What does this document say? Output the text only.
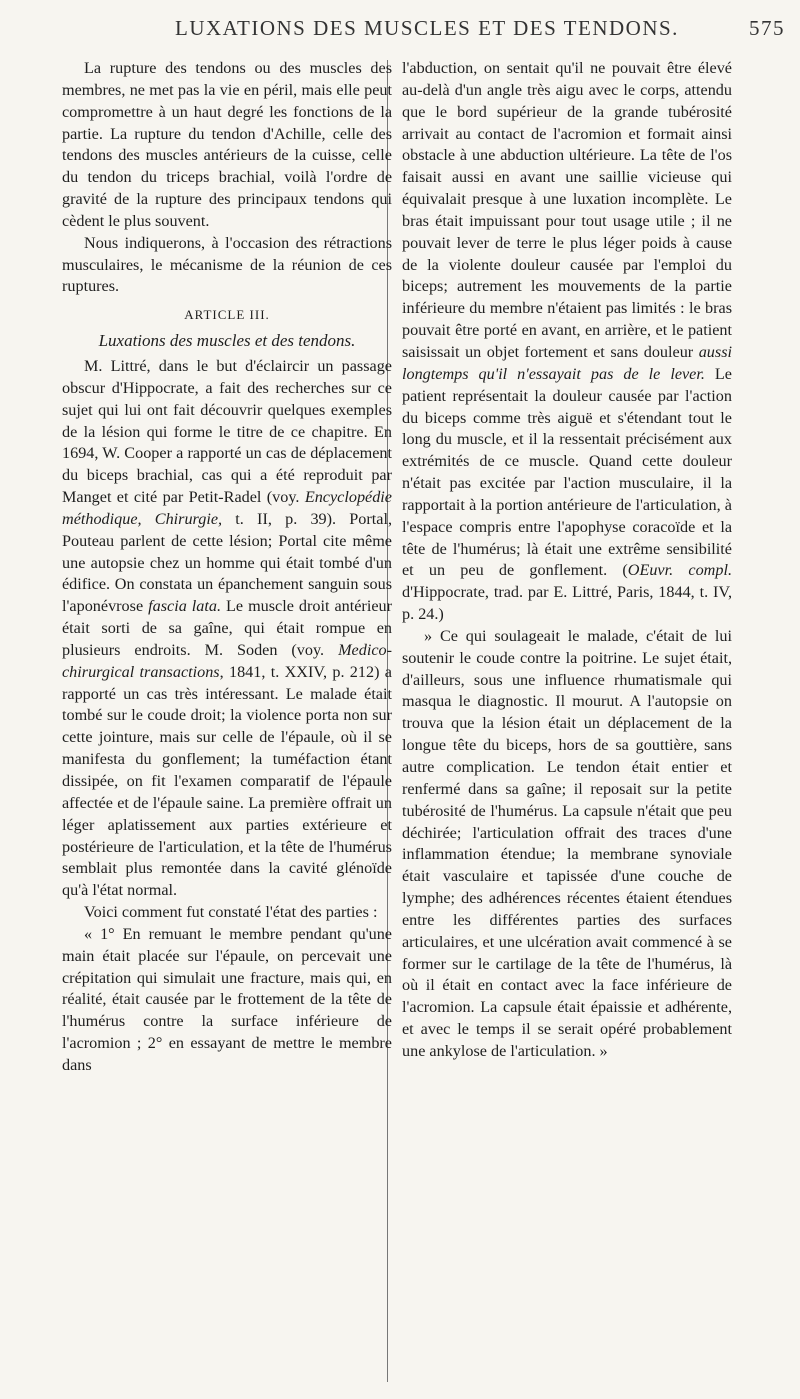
LUXATIONS DES MUSCLES ET DES TENDONS.	575

La rupture des tendons ou des muscles des membres, ne met pas la vie en péril, mais elle peut compromettre à un haut degré les fonctions de la partie. La rupture du tendon d'Achille, celle des tendons des muscles antérieurs de la cuisse, celle du tendon du triceps brachial, voilà l'ordre de gravité de la rupture des principaux tendons qui cèdent le plus souvent.

Nous indiquerons, à l'occasion des rétractions musculaires, le mécanisme de la réunion de ces ruptures.

ARTICLE III.
Luxations des muscles et des tendons.

M. Littré, dans le but d'éclaircir un passage obscur d'Hippocrate, a fait des recherches sur ce sujet qui lui ont fait découvrir quelques exemples de la lésion qui forme le titre de ce chapitre. En 1694, W. Cooper a rapporté un cas de déplacement du biceps brachial, cas qui a été reproduit par Manget et cité par Petit-Radel (voy. Encyclopédie méthodique, Chirurgie, t. II, p. 39). Portal, Pouteau parlent de cette lésion; Portal cite même une autopsie chez un homme qui était tombé d'un édifice. On constata un épanchement sanguin sous l'aponévrose fascia lata. Le muscle droit antérieur était sorti de sa gaîne, qui était rompue en plusieurs endroits. M. Soden (voy. Medico-chirurgical transactions, 1841, t. XXIV, p. 212) a rapporté un cas très intéressant. Le malade était tombé sur le coude droit; la violence porta non sur cette jointure, mais sur celle de l'épaule, où il se manifesta du gonflement; la tuméfaction étant dissipée, on fit l'examen comparatif de l'épaule affectée et de l'épaule saine. La première offrait un léger aplatissement aux parties extérieure et postérieure de l'articulation, et la tête de l'humérus semblait plus remontée dans la cavité glénoïde qu'à l'état normal.

Voici comment fut constaté l'état des parties :

« 1° En remuant le membre pendant qu'une main était placée sur l'épaule, on percevait une crépitation qui simulait une fracture, mais qui, en réalité, était causée par le frottement de la tête de l'humérus contre la surface inférieure de l'acromion ; 2° en essayant de mettre le membre dans

l'abduction, on sentait qu'il ne pouvait être élevé au-delà d'un angle très aigu avec le corps, attendu que le bord supérieur de la grande tubérosité arrivait au contact de l'acromion et formait ainsi obstacle à une abduction ultérieure. La tête de l'os faisait aussi en avant une saillie vicieuse qui équivalait presque à une luxation incomplète. Le bras était impuissant pour tout usage utile ; il ne pouvait lever de terre le plus léger poids à cause de la violente douleur causée par l'emploi du biceps; autrement les mouvements de la partie inférieure du membre n'étaient pas limités : le bras pouvait être porté en avant, en arrière, et le patient saisissait un objet fortement et sans douleur aussi longtemps qu'il n'essayait pas de le lever. Le patient représentait la douleur causée par l'action du biceps comme très aiguë et s'étendant tout le long du muscle, et il la ressentait précisément aux extrémités de ce muscle. Quand cette douleur n'était pas excitée par l'action musculaire, il la rapportait à la portion antérieure de l'articulation, à l'espace compris entre l'apophyse coracoïde et la tête de l'humérus; là était une extrême sensibilité et un peu de gonflement. (OEuvr. compl. d'Hippocrate, trad. par E. Littré, Paris, 1844, t. IV, p. 24.)

» Ce qui soulageait le malade, c'était de lui soutenir le coude contre la poitrine. Le sujet était, d'ailleurs, sous une influence rhumatismale qui masqua le diagnostic. Il mourut. A l'autopsie on trouva que la lésion était un déplacement de la longue tête du biceps, hors de sa gouttière, sans autre complication. Le tendon était entier et renfermé dans sa gaîne; il reposait sur la petite tubérosité de l'humérus. La capsule n'était que peu déchirée; l'articulation offrait des traces d'une inflammation étendue; la membrane synoviale était vasculaire et tapissée d'une couche de lymphe; des adhérences récentes étaient étendues entre les différentes parties des surfaces articulaires, et une ulcération avait commencé à se former sur le cartilage de la tête de l'humérus, là où il était en contact avec la face inférieure de l'acromion. La capsule était épaissie et adhérente, et avec le temps il se serait opéré probablement une ankylose de l'articulation. »
